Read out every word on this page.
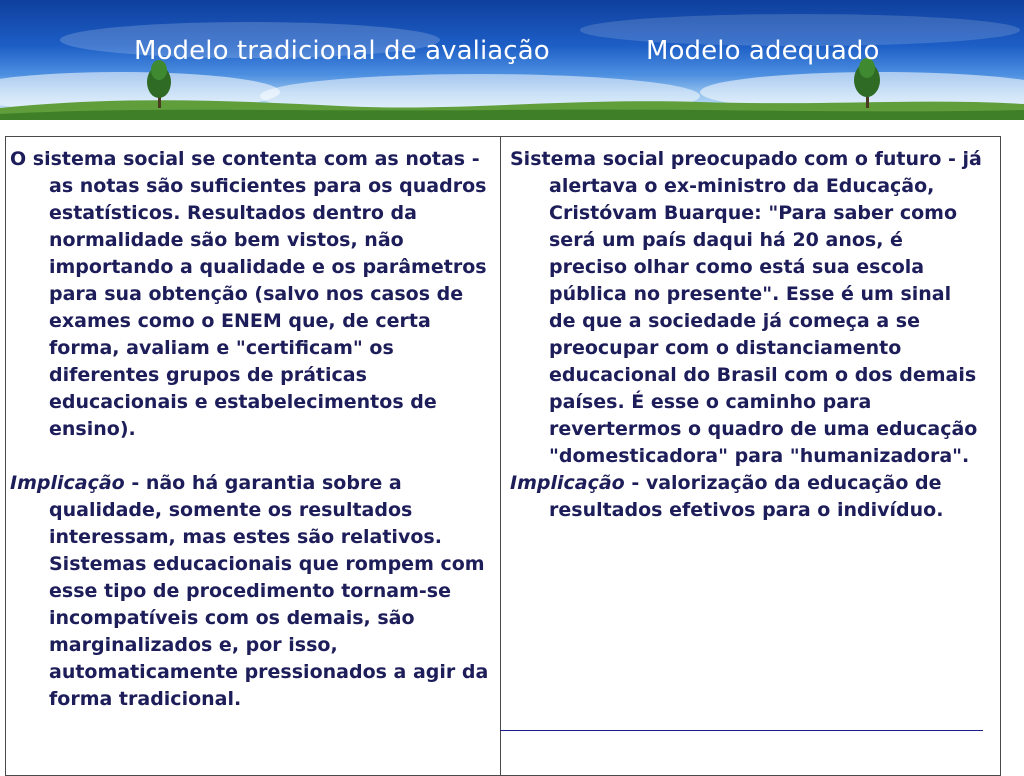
Modelo tradicional de avaliação	Modelo adequado

O sistema social se contenta com as notas - as notas são suficientes para os quadros estatísticos. Resultados dentro da normalidade são bem vistos, não importando a qualidade e os parâmetros para sua obtenção (salvo nos casos de exames como o ENEM que, de certa forma, avaliam e "certificam" os diferentes grupos de práticas educacionais e estabelecimentos de ensino).

Implicação - não há garantia sobre a qualidade, somente os resultados interessam, mas estes são relativos. Sistemas educacionais que rompem com esse tipo de procedimento tornam-se incompatíveis com os demais, são marginalizados e, por isso, automaticamente pressionados a agir da forma tradicional.

Sistema social preocupado com o futuro - já alertava o ex-ministro da Educação, Cristóvam Buarque: "Para saber como será um país daqui há 20 anos, é preciso olhar como está sua escola pública no presente". Esse é um sinal de que a sociedade já começa a se preocupar com o distanciamento educacional do Brasil com o dos demais países. É esse o caminho para revertermos o quadro de uma educação "domesticadora" para "humanizadora".

Implicação - valorização da educação de resultados efetivos para o indivíduo.
